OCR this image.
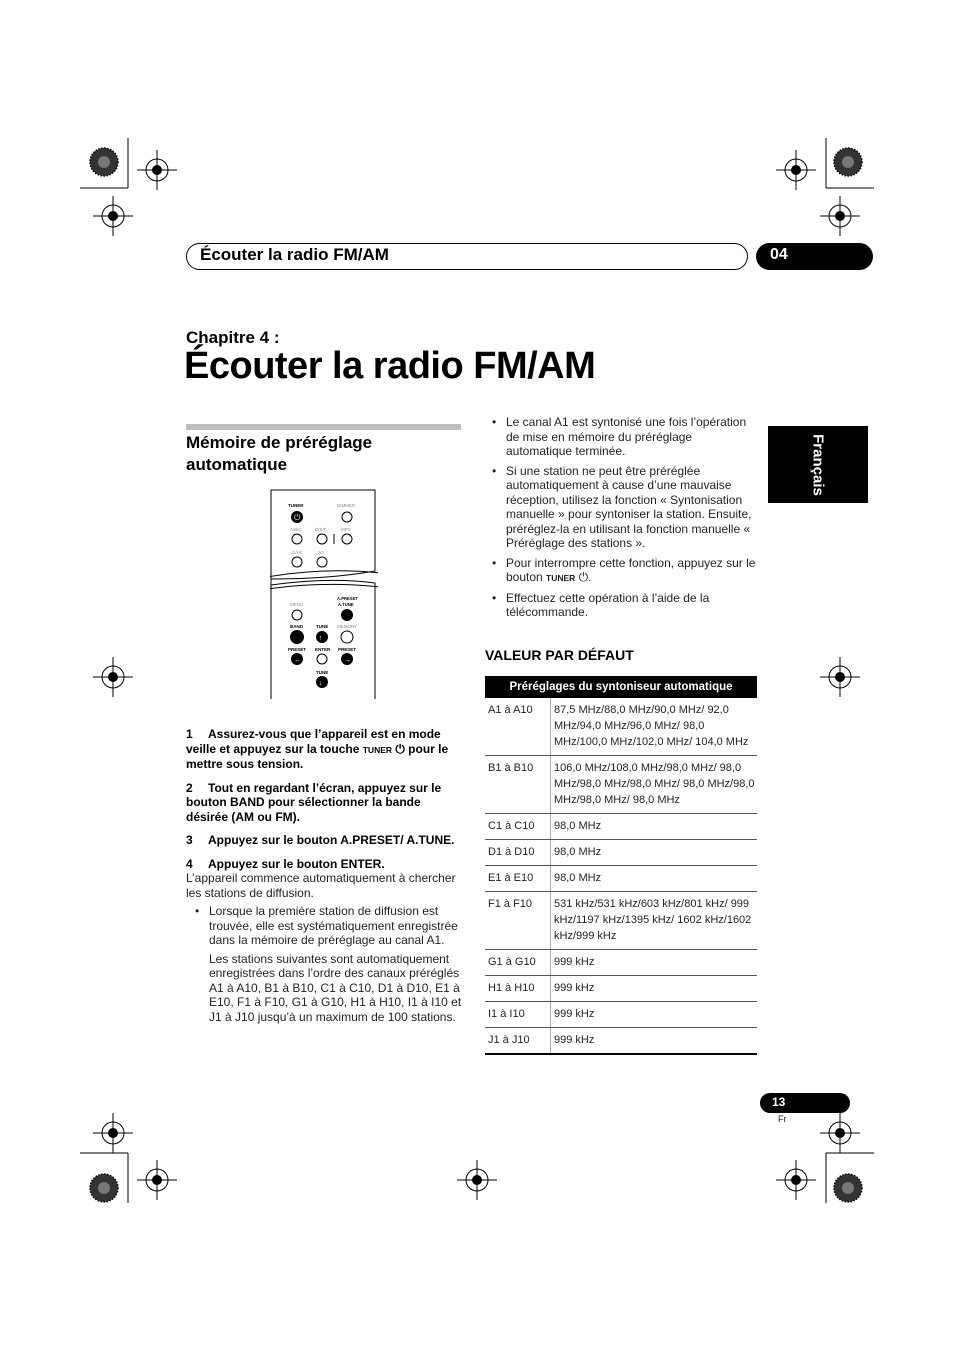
Écouter la radio FM/AM	04
Chapitre 4 :
Écouter la radio FM/AM
Français
Mémoire de préréglage automatique
TUNER
⏻
DIMMER
A/B/C	D/E/F	MPX
G/H/I	J/J
A.PRESET
A.TUNE
MENU
BAND	TUNE MEMORY
↑
PRESET ENTER PRESET
←	→
TUNE
↓
1 Assurez-vous que l’appareil est en mode veille et appuyez sur la touche TUNER ⏻ pour le mettre sous tension.
2 Tout en regardant l’écran, appuyez sur le bouton BAND pour sélectionner la bande désirée (AM ou FM).
3 Appuyez sur le bouton A.PRESET/ A.TUNE.
4 Appuyez sur le bouton ENTER.
L’appareil commence automatiquement à chercher les stations de diffusion.
• Lorsque la première station de diffusion est trouvée, elle est systématiquement enregistrée dans la mémoire de préréglage au canal A1.
Les stations suivantes sont automatiquement enregistrées dans l’ordre des canaux préréglés A1 à A10, B1 à B10, C1 à C10, D1 à D10, E1 à E10, F1 à F10, G1 à G10, H1 à H10, I1 à I10 et J1 à J10 jusqu’à un maximum de 100 stations.
• Le canal A1 est syntonisé une fois l’opération de mise en mémoire du préréglage automatique terminée.
• Si une station ne peut être préréglée automatiquement à cause d’une mauvaise réception, utilisez la fonction « Syntonisation manuelle » pour syntoniser la station. Ensuite, préréglez-la en utilisant la fonction manuelle « Préréglage des stations ».
• Pour interrompre cette fonction, appuyez sur le bouton TUNER ⏻.
• Effectuez cette opération à l’aide de la télécommande.
VALEUR PAR DÉFAUT
Préréglages du syntoniseur automatique	
A1 à A10	87,5 MHz/88,0 MHz/90,0 MHz/ 92,0 MHz/94,0 MHz/96,0 MHz/ 98,0 MHz/100,0 MHz/102,0 MHz/ 104,0 MHz
B1 à B10	106,0 MHz/108,0 MHz/98,0 MHz/ 98,0 MHz/98,0 MHz/98,0 MHz/ 98,0 MHz/98,0 MHz/98,0 MHz/ 98,0 MHz
C1 à C10	98,0 MHz
D1 à D10	98,0 MHz
E1 à E10	98,0 MHz
F1 à F10	531 kHz/531 kHz/603 kHz/801 kHz/ 999 kHz/1197 kHz/1395 kHz/ 1602 kHz/1602 kHz/999 kHz
G1 à G10	999 kHz
H1 à H10	999 kHz
I1 à I10	999 kHz
J1 à J10	999 kHz
13
Fr
